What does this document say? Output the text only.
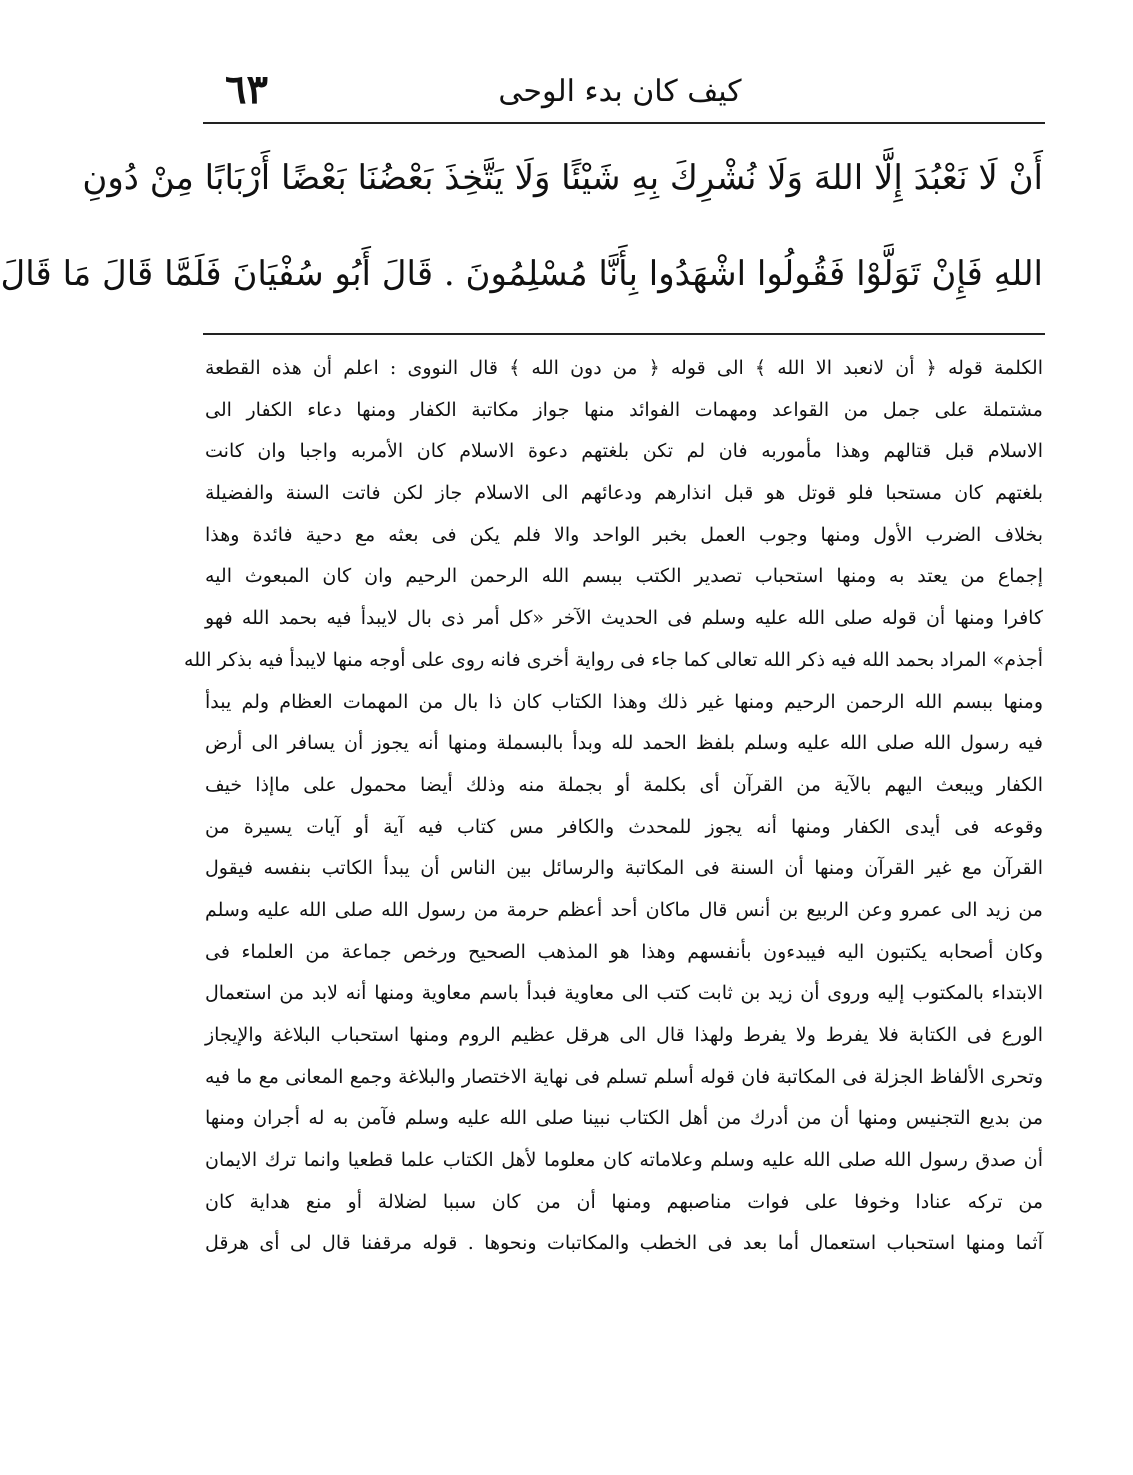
٦٣	كيف كان بدء الوحى
أَنْ لَا نَعْبُدَ إِلَّا اللهَ وَلَا نُشْرِكَ بِهِ شَيْئًا وَلَا يَتَّخِذَ بَعْضُنَا بَعْضًا أَرْبَابًا مِنْ دُونِ
اللهِ فَإِنْ تَوَلَّوْا فَقُولُوا اشْهَدُوا بِأَنَّا مُسْلِمُونَ . قَالَ أَبُو سُفْيَانَ فَلَمَّا قَالَ مَا قَالَ
الكلمة قوله ﴿ أن لانعبد الا الله ﴾ الى قوله ﴿ من دون الله ﴾ قال النووى : اعلم أن هذه القطعة
مشتملة على جمل من القواعد ومهمات الفوائد منها جواز مكاتبة الكفار ومنها دعاء الكفار الى
الاسلام قبل قتالهم وهذا مأموربه فان لم تكن بلغتهم دعوة الاسلام كان الأمربه واجبا وان كانت
بلغتهم كان مستحبا فلو قوتل هو قبل انذارهم ودعائهم الى الاسلام جاز لكن فاتت السنة والفضيلة
بخلاف الضرب الأول ومنها وجوب العمل بخبر الواحد والا فلم يكن فى بعثه مع دحية فائدة وهذا
إجماع من يعتد به ومنها استحباب تصدير الكتب ببسم الله الرحمن الرحيم وان كان المبعوث اليه
كافرا ومنها أن قوله صلى الله عليه وسلم فى الحديث الآخر «كل أمر ذى بال لايبدأ فيه بحمد الله فهو
أجذم» المراد بحمد الله فيه ذكر الله تعالى كما جاء فى رواية أخرى فانه روى على أوجه منها لايبدأ فيه بذكر الله
ومنها ببسم الله الرحمن الرحيم ومنها غير ذلك وهذا الكتاب كان ذا بال من المهمات العظام ولم يبدأ
فيه رسول الله صلى الله عليه وسلم بلفظ الحمد لله وبدأ بالبسملة ومنها أنه يجوز أن يسافر الى أرض
الكفار ويبعث اليهم بالآية من القرآن أى بكلمة أو بجملة منه وذلك أيضا محمول على ماإذا خيف
وقوعه فى أيدى الكفار ومنها أنه يجوز للمحدث والكافر مس كتاب فيه آية أو آيات يسيرة من
القرآن مع غير القرآن ومنها أن السنة فى المكاتبة والرسائل بين الناس أن يبدأ الكاتب بنفسه فيقول
من زيد الى عمرو وعن الربيع بن أنس قال ماكان أحد أعظم حرمة من رسول الله صلى الله عليه وسلم
وكان أصحابه يكتبون اليه فيبدءون بأنفسهم وهذا هو المذهب الصحيح ورخص جماعة من العلماء فى
الابتداء بالمكتوب إليه وروى أن زيد بن ثابت كتب الى معاوية فبدأ باسم معاوية ومنها أنه لابد من استعمال
الورع فى الكتابة فلا يفرط ولا يفرط ولهذا قال الى هرقل عظيم الروم ومنها استحباب البلاغة والإيجاز
وتحرى الألفاظ الجزلة فى المكاتبة فان قوله أسلم تسلم فى نهاية الاختصار والبلاغة وجمع المعانى مع ما فيه
من بديع التجنيس ومنها أن من أدرك من أهل الكتاب نبينا صلى الله عليه وسلم فآمن به له أجران ومنها
أن صدق رسول الله صلى الله عليه وسلم وعلاماته كان معلوما لأهل الكتاب علما قطعيا وانما ترك الايمان
من تركه عنادا وخوفا على فوات مناصبهم ومنها أن من كان سببا لضلالة أو منع هداية كان
آثما ومنها استحباب استعمال أما بعد فى الخطب والمكاتبات ونحوها . قوله مرقفنا قال لى أى هرقل
